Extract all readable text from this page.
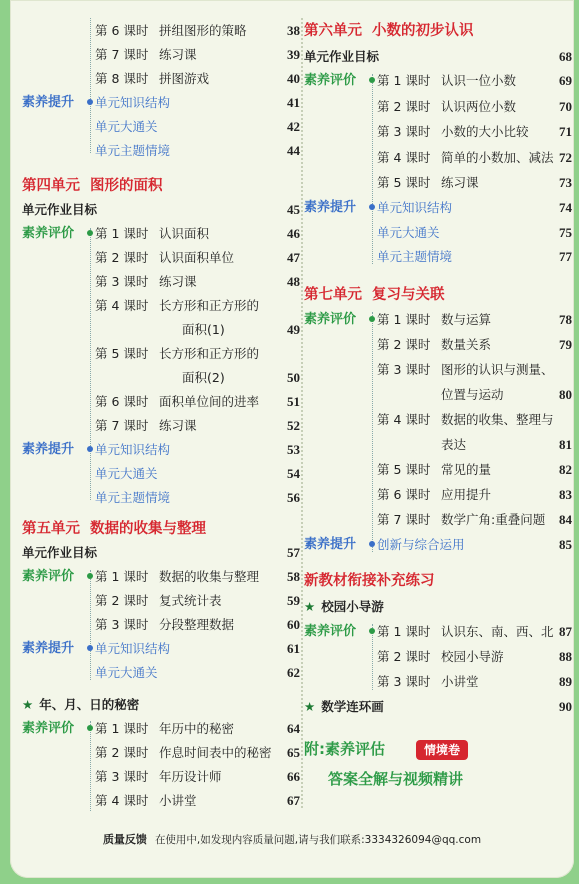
第 6 课时 拼组图形的策略	38
第 7 课时 练习课	39
第 8 课时 拼图游戏	40
素养提升 单元知识结构	41
单元大通关	42
单元主题情境	44
第四单元 图形的面积
单元作业目标	45
素养评价 第 1 课时 认识面积	46
第 2 课时 认识面积单位	47
第 3 课时 练习课	48
第 4 课时 长方形和正方形的
面积(1)	49
第 5 课时 长方形和正方形的
面积(2)	50
第 6 课时 面积单位间的进率 51
第 7 课时 练习课	52
素养提升 单元知识结构	53
单元大通关	54
单元主题情境	56
第五单元 数据的收集与整理
单元作业目标	57
素养评价 第 1 课时 数据的收集与整理 58
第 2 课时 复式统计表	59
第 3 课时 分段整理数据	60
素养提升 单元知识结构	61
单元大通关	62
★ 年、月、日的秘密
素养评价 第 1 课时 年历中的秘密	64
第 2 课时 作息时间表中的秘密 65
第 3 课时 年历设计师	66
第 4 课时 小讲堂	67
第六单元 小数的初步认识
单元作业目标	68
素养评价 第 1 课时 认识一位小数	69
第 2 课时 认识两位小数	70
第 3 课时 小数的大小比较 71
第 4 课时 简单的小数加、减法 72
第 5 课时 练习课	73
素养提升 单元知识结构	74
单元大通关	75
单元主题情境	77
第七单元 复习与关联
素养评价 第 1 课时 数与运算	78
第 2 课时 数量关系	79
第 3 课时 图形的认识与测量、
位置与运动	80
第 4 课时 数据的收集、整理与
表达	81
第 5 课时 常见的量	82
第 6 课时 应用提升	83
第 7 课时 数学广角:重叠问题 84
素养提升 创新与综合运用	85
新教材衔接补充练习
★ 校园小导游
素养评价 第 1 课时 认识东、南、西、北 87
第 2 课时 校园小导游	88
第 3 课时 小讲堂	89
★ 数学连环画	90
附:素养评估	情境卷
答案全解与视频精讲
质量反馈 在使用中,如发现内容质量问题,请与我们联系:3334326094@qq.com
